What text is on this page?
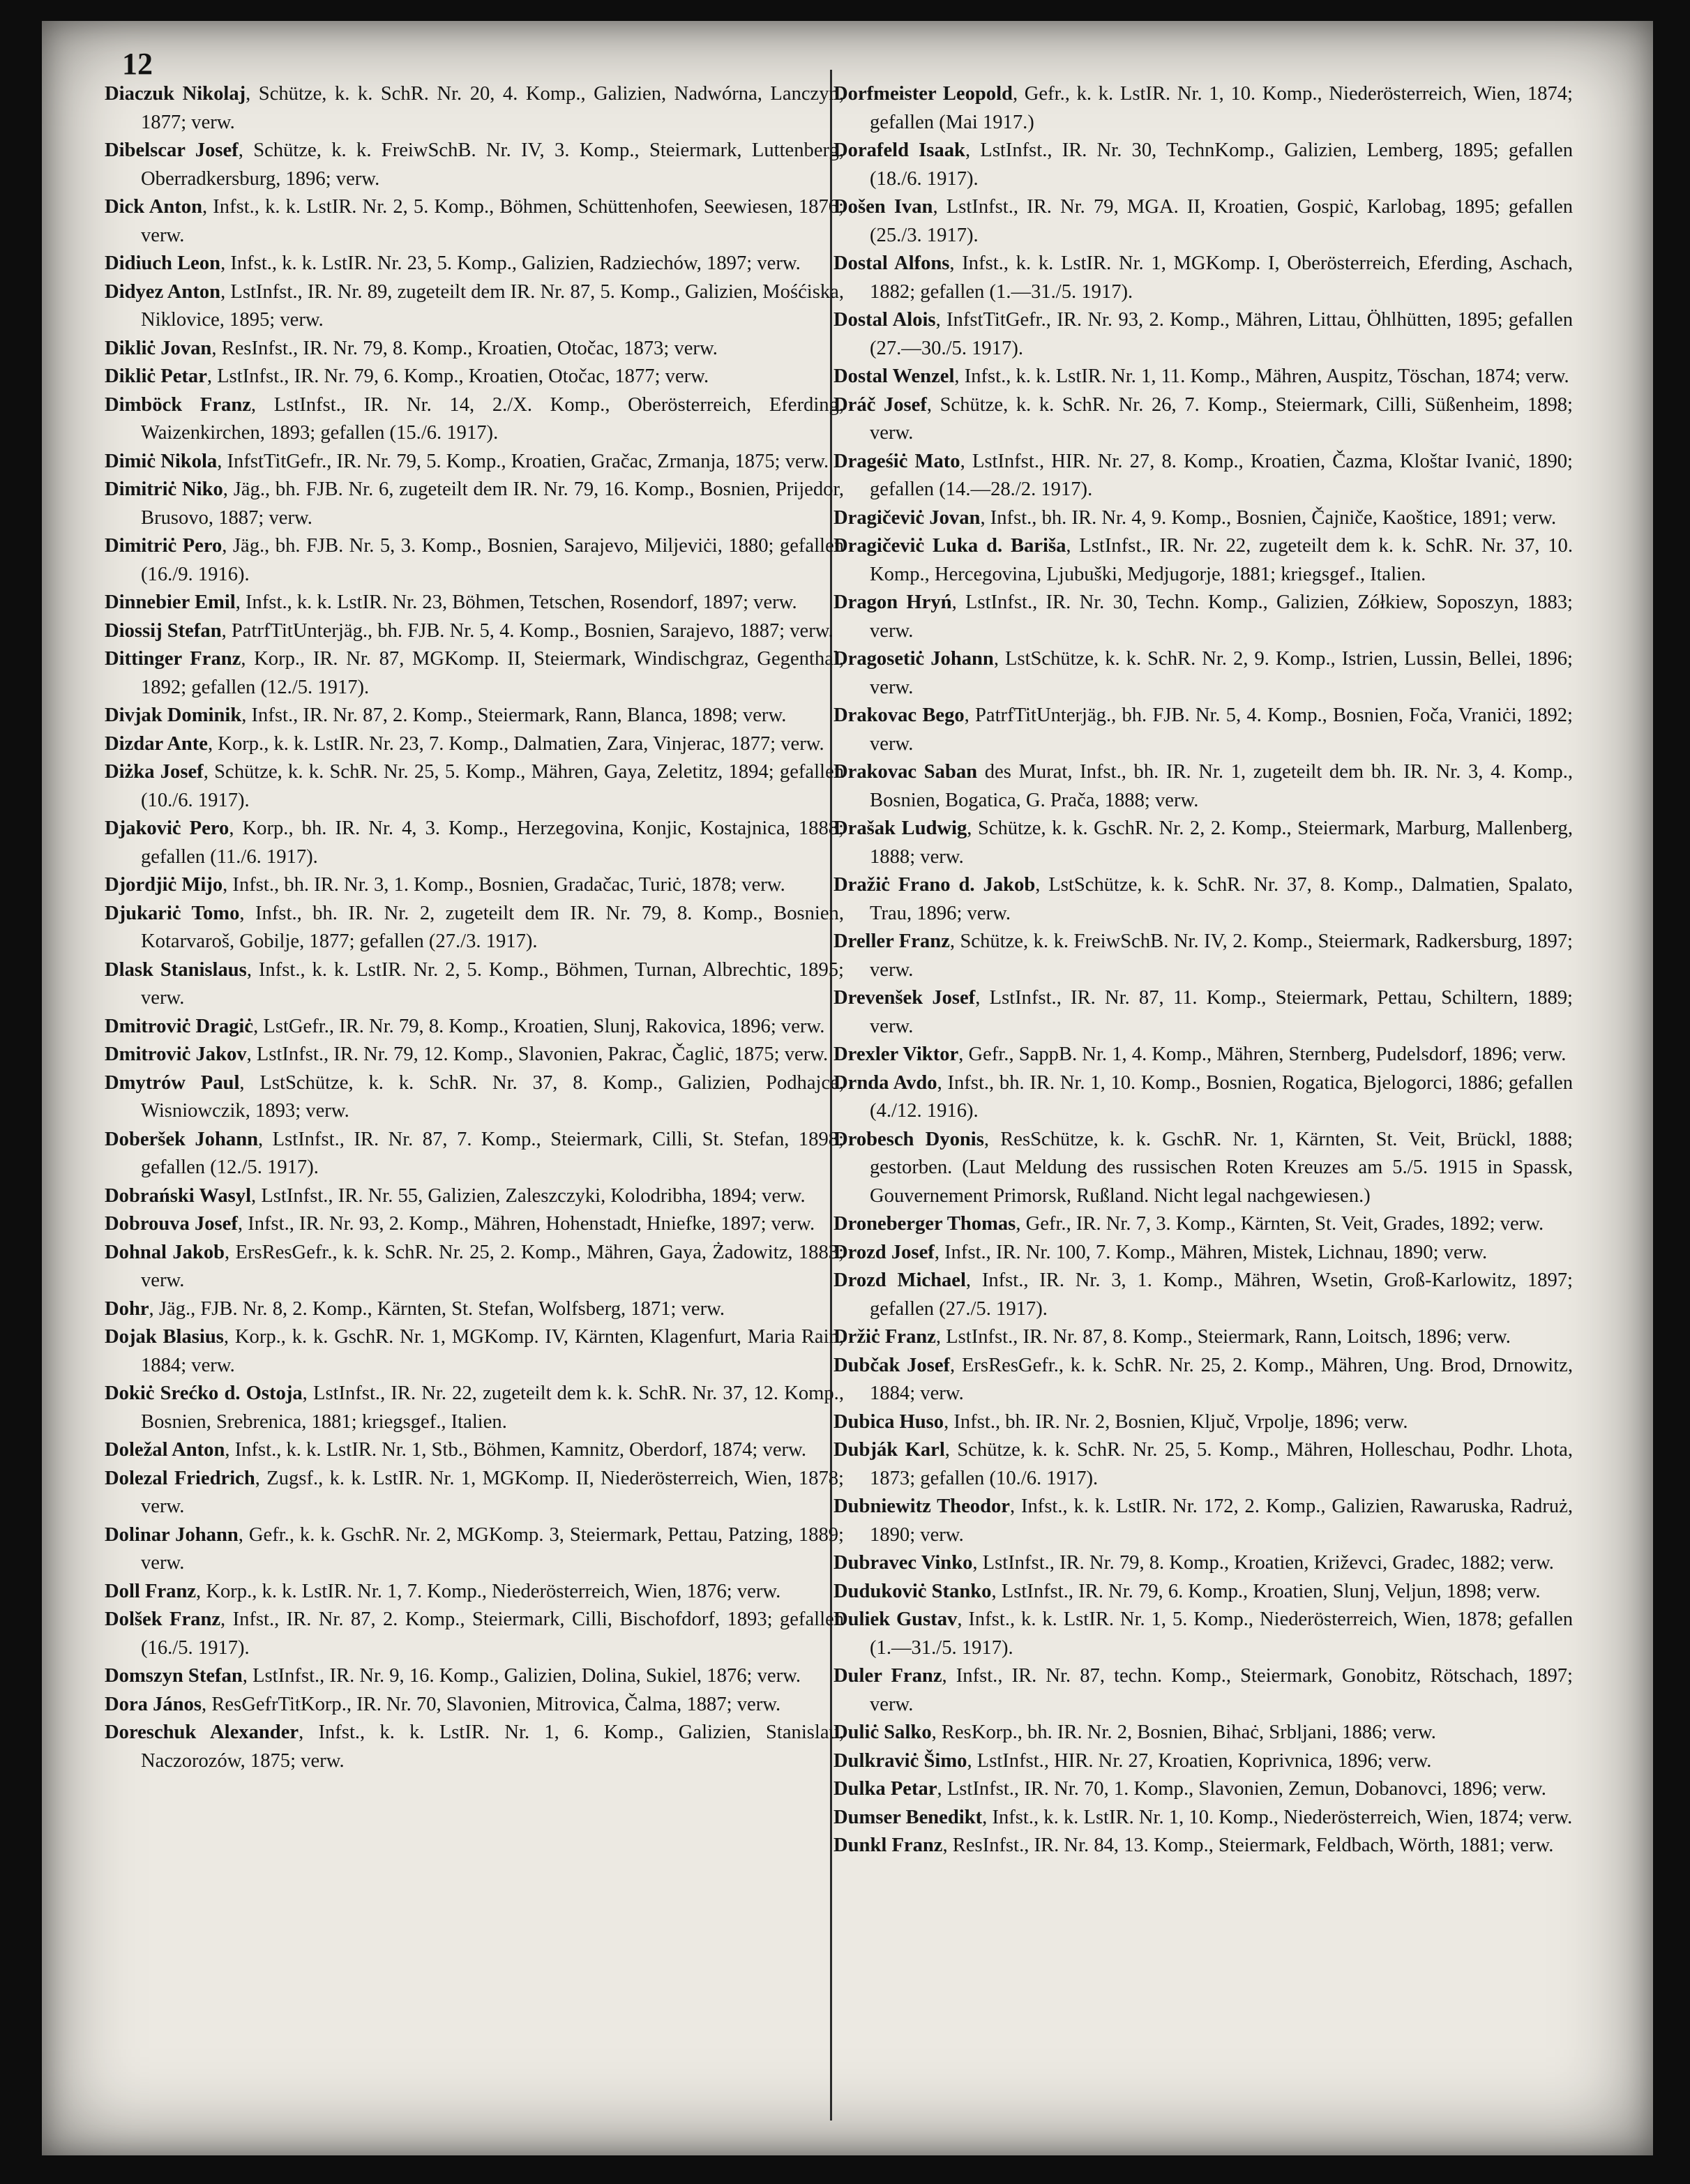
12

Diaczuk Nikolaj, Schütze, k. k. SchR. Nr. 20, 4. Komp., Galizien, Nadwórna, Lanczyn, 1877; verw.

Dibelscar Josef, Schütze, k. k. FreiwSchB. Nr. IV, 3. Komp., Steiermark, Luttenberg, Oberradkersburg, 1896; verw.

Dick Anton, Infst., k. k. LstIR. Nr. 2, 5. Komp., Böhmen, Schüttenhofen, Seewiesen, 1876; verw.

Didiuch Leon, Infst., k. k. LstIR. Nr. 23, 5. Komp., Galizien, Radziechów, 1897; verw.

Didyez Anton, LstInfst., IR. Nr. 89, zugeteilt dem IR. Nr. 87, 5. Komp., Galizien, Mośćiska, Niklovice, 1895; verw.

Dikliċ Jovan, ResInfst., IR. Nr. 79, 8. Komp., Kroatien, Otočac, 1873; verw.

Dikliċ Petar, LstInfst., IR. Nr. 79, 6. Komp., Kroatien, Otočac, 1877; verw.

Dimböck Franz, LstInfst., IR. Nr. 14, 2./X. Komp., Oberösterreich, Eferding, Waizenkirchen, 1893; gefallen (15./6. 1917).

Dimiċ Nikola, InfstTitGefr., IR. Nr. 79, 5. Komp., Kroatien, Gračac, Zrmanja, 1875; verw.

Dimitriċ Niko, Jäg., bh. FJB. Nr. 6, zugeteilt dem IR. Nr. 79, 16. Komp., Bosnien, Prijedor, Brusovo, 1887; verw.

Dimitriċ Pero, Jäg., bh. FJB. Nr. 5, 3. Komp., Bosnien, Sarajevo, Miljeviċi, 1880; gefallen (16./9. 1916).

Dinnebier Emil, Infst., k. k. LstIR. Nr. 23, Böhmen, Tetschen, Rosendorf, 1897; verw.

Diossij Stefan, PatrfTitUnterjäg., bh. FJB. Nr. 5, 4. Komp., Bosnien, Sarajevo, 1887; verw.

Dittinger Franz, Korp., IR. Nr. 87, MGKomp. II, Steiermark, Windischgraz, Gegenthal, 1892; gefallen (12./5. 1917).

Divjak Dominik, Infst., IR. Nr. 87, 2. Komp., Steiermark, Rann, Blanca, 1898; verw.

Dizdar Ante, Korp., k. k. LstIR. Nr. 23, 7. Komp., Dalmatien, Zara, Vinjerac, 1877; verw.

Diżka Josef, Schütze, k. k. SchR. Nr. 25, 5. Komp., Mähren, Gaya, Zeletitz, 1894; gefallen (10./6. 1917).

Djakoviċ Pero, Korp., bh. IR. Nr. 4, 3. Komp., Herzegovina, Konjic, Kostajnica, 1888; gefallen (11./6. 1917).

Djordjiċ Mijo, Infst., bh. IR. Nr. 3, 1. Komp., Bosnien, Gradačac, Turiċ, 1878; verw.

Djukariċ Tomo, Infst., bh. IR. Nr. 2, zugeteilt dem IR. Nr. 79, 8. Komp., Bosnien, Kotarvaroš, Gobilje, 1877; gefallen (27./3. 1917).

Dlask Stanislaus, Infst., k. k. LstIR. Nr. 2, 5. Komp., Böhmen, Turnan, Albrechtic, 1895; verw.

Dmitroviċ Dragiċ, LstGefr., IR. Nr. 79, 8. Komp., Kroatien, Slunj, Rakovica, 1896; verw.

Dmitroviċ Jakov, LstInfst., IR. Nr. 79, 12. Komp., Slavonien, Pakrac, Čagliċ, 1875; verw.

Dmytrów Paul, LstSchütze, k. k. SchR. Nr. 37, 8. Komp., Galizien, Podhajce, Wisniowczik, 1893; verw.

Doberšek Johann, LstInfst., IR. Nr. 87, 7. Komp., Steiermark, Cilli, St. Stefan, 1898; gefallen (12./5. 1917).

Dobrański Wasyl, LstInfst., IR. Nr. 55, Galizien, Zaleszczyki, Kolodribha, 1894; verw.

Dobrouva Josef, Infst., IR. Nr. 93, 2. Komp., Mähren, Hohenstadt, Hniefke, 1897; verw.

Dohnal Jakob, ErsResGefr., k. k. SchR. Nr. 25, 2. Komp., Mähren, Gaya, Żadowitz, 1883; verw.

Dohr, Jäg., FJB. Nr. 8, 2. Komp., Kärnten, St. Stefan, Wolfsberg, 1871; verw.

Dojak Blasius, Korp., k. k. GschR. Nr. 1, MGKomp. IV, Kärnten, Klagenfurt, Maria Rain, 1884; verw.

Dokiċ Srećko d. Ostoja, LstInfst., IR. Nr. 22, zugeteilt dem k. k. SchR. Nr. 37, 12. Komp., Bosnien, Srebrenica, 1881; kriegsgef., Italien.

Doležal Anton, Infst., k. k. LstIR. Nr. 1, Stb., Böhmen, Kamnitz, Oberdorf, 1874; verw.

Dolezal Friedrich, Zugsf., k. k. LstIR. Nr. 1, MGKomp. II, Niederösterreich, Wien, 1878; verw.

Dolinar Johann, Gefr., k. k. GschR. Nr. 2, MGKomp. 3, Steiermark, Pettau, Patzing, 1889; verw.

Doll Franz, Korp., k. k. LstIR. Nr. 1, 7. Komp., Niederösterreich, Wien, 1876; verw.

Dolšek Franz, Infst., IR. Nr. 87, 2. Komp., Steiermark, Cilli, Bischofdorf, 1893; gefallen (16./5. 1917).

Domszyn Stefan, LstInfst., IR. Nr. 9, 16. Komp., Galizien, Dolina, Sukiel, 1876; verw.

Dora János, ResGefrTitKorp., IR. Nr. 70, Slavonien, Mitrovica, Čalma, 1887; verw.

Doreschuk Alexander, Infst., k. k. LstIR. Nr. 1, 6. Komp., Galizien, Stanislau, Naczorozów, 1875; verw.

Dorfmeister Leopold, Gefr., k. k. LstIR. Nr. 1, 10. Komp., Niederösterreich, Wien, 1874; gefallen (Mai 1917.)

Dorafeld Isaak, LstInfst., IR. Nr. 30, TechnKomp., Galizien, Lemberg, 1895; gefallen (18./6. 1917).

Došen Ivan, LstInfst., IR. Nr. 79, MGA. II, Kroatien, Gospiċ, Karlobag, 1895; gefallen (25./3. 1917).

Dostal Alfons, Infst., k. k. LstIR. Nr. 1, MGKomp. I, Oberösterreich, Eferding, Aschach, 1882; gefallen (1.—31./5. 1917).

Dostal Alois, InfstTitGefr., IR. Nr. 93, 2. Komp., Mähren, Littau, Öhlhütten, 1895; gefallen (27.—30./5. 1917).

Dostal Wenzel, Infst., k. k. LstIR. Nr. 1, 11. Komp., Mähren, Auspitz, Töschan, 1874; verw.

Dráč Josef, Schütze, k. k. SchR. Nr. 26, 7. Komp., Steiermark, Cilli, Süßenheim, 1898; verw.

Drageśiċ Mato, LstInfst., HIR. Nr. 27, 8. Komp., Kroatien, Čazma, Kloštar Ivaniċ, 1890; gefallen (14.—28./2. 1917).

Dragičeviċ Jovan, Infst., bh. IR. Nr. 4, 9. Komp., Bosnien, Čajniče, Kaoštice, 1891; verw.

Dragičeviċ Luka d. Bariša, LstInfst., IR. Nr. 22, zugeteilt dem k. k. SchR. Nr. 37, 10. Komp., Hercegovina, Ljubuški, Medjugorje, 1881; kriegsgef., Italien.

Dragon Hryń, LstInfst., IR. Nr. 30, Techn. Komp., Galizien, Zółkiew, Soposzyn, 1883; verw.

Dragosetiċ Johann, LstSchütze, k. k. SchR. Nr. 2, 9. Komp., Istrien, Lussin, Bellei, 1896; verw.

Drakovac Bego, PatrfTitUnterjäg., bh. FJB. Nr. 5, 4. Komp., Bosnien, Foča, Vraniċi, 1892; verw.

Drakovac Saban des Murat, Infst., bh. IR. Nr. 1, zugeteilt dem bh. IR. Nr. 3, 4. Komp., Bosnien, Bogatica, G. Prača, 1888; verw.

Drašak Ludwig, Schütze, k. k. GschR. Nr. 2, 2. Komp., Steiermark, Marburg, Mallenberg, 1888; verw.

Dražiċ Frano d. Jakob, LstSchütze, k. k. SchR. Nr. 37, 8. Komp., Dalmatien, Spalato, Trau, 1896; verw.

Dreller Franz, Schütze, k. k. FreiwSchB. Nr. IV, 2. Komp., Steiermark, Radkersburg, 1897; verw.

Drevenšek Josef, LstInfst., IR. Nr. 87, 11. Komp., Steiermark, Pettau, Schiltern, 1889; verw.

Drexler Viktor, Gefr., SappB. Nr. 1, 4. Komp., Mähren, Sternberg, Pudelsdorf, 1896; verw.

Drnda Avdo, Infst., bh. IR. Nr. 1, 10. Komp., Bosnien, Rogatica, Bjelogorci, 1886; gefallen (4./12. 1916).

Drobesch Dyonis, ResSchütze, k. k. GschR. Nr. 1, Kärnten, St. Veit, Brückl, 1888; gestorben. (Laut Meldung des russischen Roten Kreuzes am 5./5. 1915 in Spassk, Gouvernement Primorsk, Rußland. Nicht legal nachgewiesen.)

Droneberger Thomas, Gefr., IR. Nr. 7, 3. Komp., Kärnten, St. Veit, Grades, 1892; verw.

Drozd Josef, Infst., IR. Nr. 100, 7. Komp., Mähren, Mistek, Lichnau, 1890; verw.

Drozd Michael, Infst., IR. Nr. 3, 1. Komp., Mähren, Wsetin, Groß-Karlowitz, 1897; gefallen (27./5. 1917).

Držiċ Franz, LstInfst., IR. Nr. 87, 8. Komp., Steiermark, Rann, Loitsch, 1896; verw.

Dubčak Josef, ErsResGefr., k. k. SchR. Nr. 25, 2. Komp., Mähren, Ung. Brod, Drnowitz, 1884; verw.

Dubica Huso, Infst., bh. IR. Nr. 2, Bosnien, Ključ, Vrpolje, 1896; verw.

Dubják Karl, Schütze, k. k. SchR. Nr. 25, 5. Komp., Mähren, Holleschau, Podhr. Lhota, 1873; gefallen (10./6. 1917).

Dubniewitz Theodor, Infst., k. k. LstIR. Nr. 172, 2. Komp., Galizien, Rawaruska, Radruż, 1890; verw.

Dubravec Vinko, LstInfst., IR. Nr. 79, 8. Komp., Kroatien, Križevci, Gradec, 1882; verw.

Dudukoviċ Stanko, LstInfst., IR. Nr. 79, 6. Komp., Kroatien, Slunj, Veljun, 1898; verw.

Duliek Gustav, Infst., k. k. LstIR. Nr. 1, 5. Komp., Niederösterreich, Wien, 1878; gefallen (1.—31./5. 1917).

Duler Franz, Infst., IR. Nr. 87, techn. Komp., Steiermark, Gonobitz, Rötschach, 1897; verw.

Duliċ Salko, ResKorp., bh. IR. Nr. 2, Bosnien, Bihaċ, Srbljani, 1886; verw.

Dulkraviċ Šimo, LstInfst., HIR. Nr. 27, Kroatien, Koprivnica, 1896; verw.

Dulka Petar, LstInfst., IR. Nr. 70, 1. Komp., Slavonien, Zemun, Dobanovci, 1896; verw.

Dumser Benedikt, Infst., k. k. LstIR. Nr. 1, 10. Komp., Niederösterreich, Wien, 1874; verw.

Dunkl Franz, ResInfst., IR. Nr. 84, 13. Komp., Steiermark, Feldbach, Wörth, 1881; verw.
